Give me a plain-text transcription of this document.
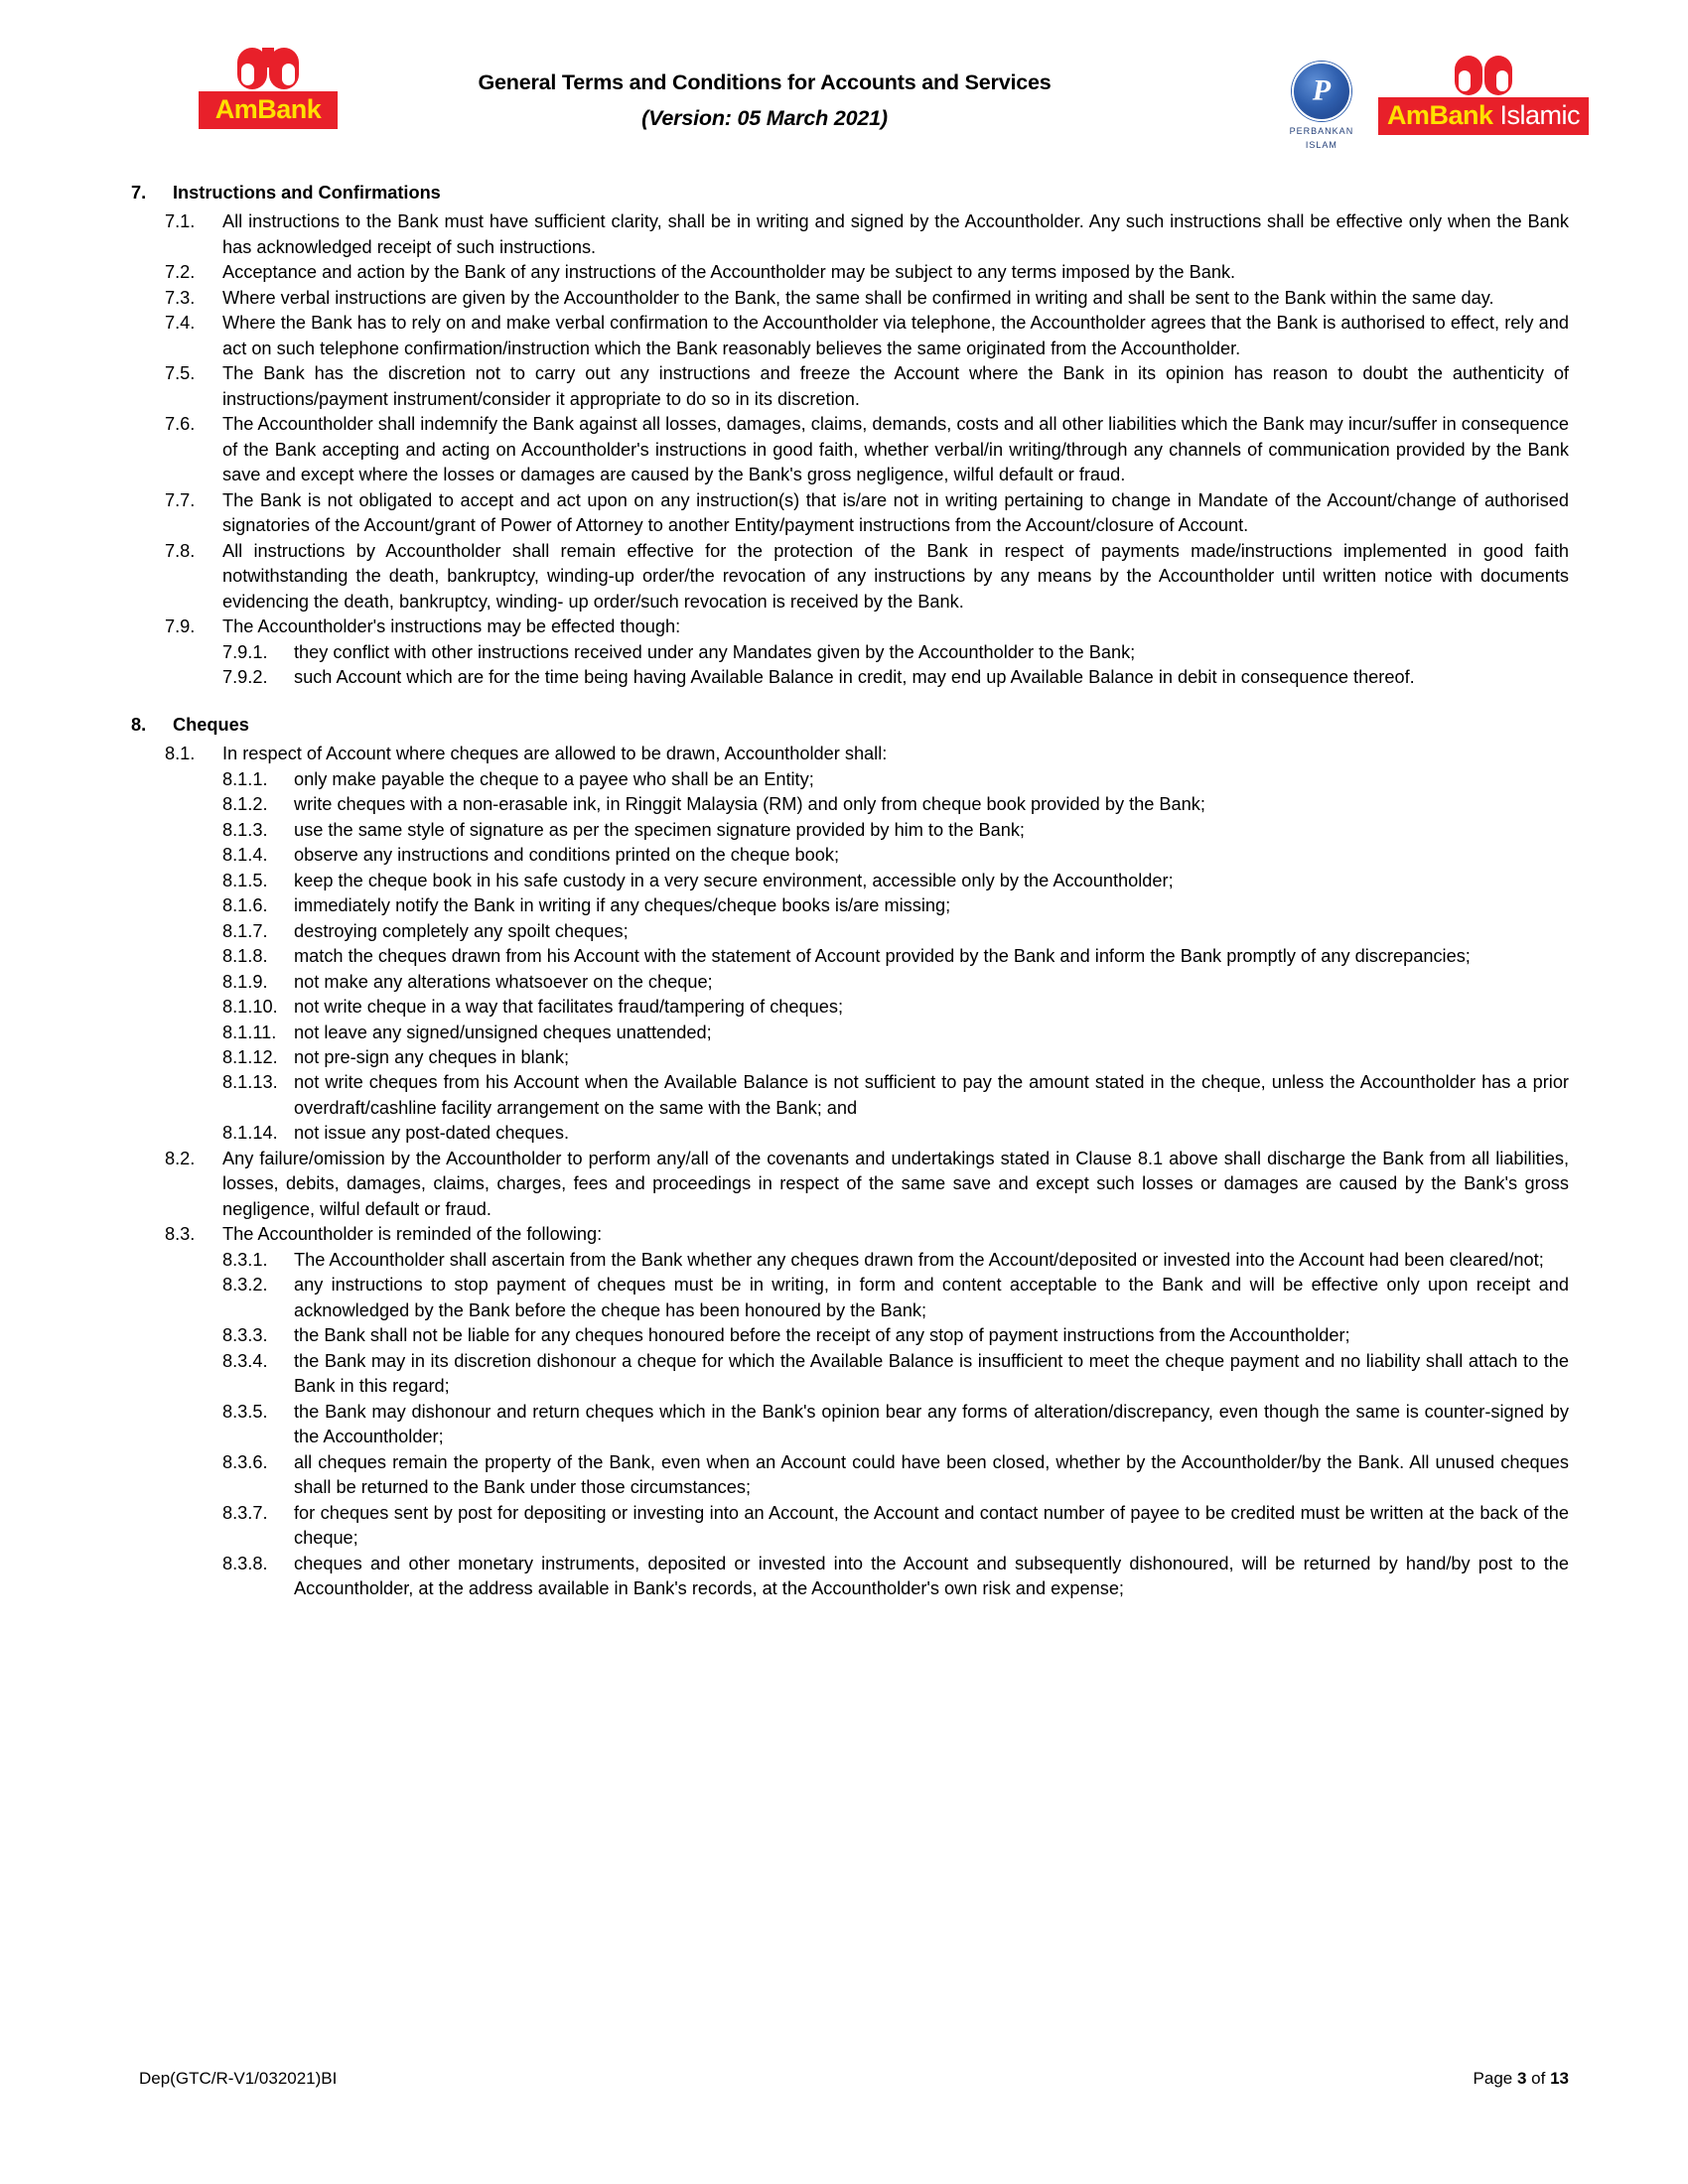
AmBank
General Terms and Conditions for Accounts and Services
(Version: 05 March 2021)
P
PERBANKAN
ISLAM
AmBank Islamic
7.	Instructions and Confirmations
7.1.	All instructions to the Bank must have sufficient clarity, shall be in writing and signed by the Accountholder. Any such instructions shall be effective only when the Bank has acknowledged receipt of such instructions.
7.2.	Acceptance and action by the Bank of any instructions of the Accountholder may be subject to any terms imposed by the Bank.
7.3.	Where verbal instructions are given by the Accountholder to the Bank, the same shall be confirmed in writing and shall be sent to the Bank within the same day.
7.4.	Where the Bank has to rely on and make verbal confirmation to the Accountholder via telephone, the Accountholder agrees that the Bank is authorised to effect, rely and act on such telephone confirmation/instruction which the Bank reasonably believes the same originated from the Accountholder.
7.5.	The Bank has the discretion not to carry out any instructions and freeze the Account where the Bank in its opinion has reason to doubt the authenticity of instructions/payment instrument/consider it appropriate to do so in its discretion.
7.6.	The Accountholder shall indemnify the Bank against all losses, damages, claims, demands, costs and all other liabilities which the Bank may incur/suffer in consequence of the Bank accepting and acting on Accountholder's instructions in good faith, whether verbal/in writing/through any channels of communication provided by the Bank save and except where the losses or damages are caused by the Bank's gross negligence, wilful default or fraud.
7.7.	The Bank is not obligated to accept and act upon on any instruction(s) that is/are not in writing pertaining to change in Mandate of the Account/change of authorised signatories of the Account/grant of Power of Attorney to another Entity/payment instructions from the Account/closure of Account.
7.8.	All instructions by Accountholder shall remain effective for the protection of the Bank in respect of payments made/instructions implemented in good faith notwithstanding the death, bankruptcy, winding-up order/the revocation of any instructions by any means by the Accountholder until written notice with documents evidencing the death, bankruptcy, winding- up order/such revocation is received by the Bank.
7.9.	The Accountholder's instructions may be effected though:
7.9.1.	they conflict with other instructions received under any Mandates given by the Accountholder to the Bank;
7.9.2.	such Account which are for the time being having Available Balance in credit, may end up Available Balance in debit in consequence thereof.
8.	Cheques
8.1.	In respect of Account where cheques are allowed to be drawn, Accountholder shall:
8.1.1.	only make payable the cheque to a payee who shall be an Entity;
8.1.2.	write cheques with a non-erasable ink, in Ringgit Malaysia (RM) and only from cheque book provided by the Bank;
8.1.3.	use the same style of signature as per the specimen signature provided by him to the Bank;
8.1.4.	observe any instructions and conditions printed on the cheque book;
8.1.5.	keep the cheque book in his safe custody in a very secure environment, accessible only by the Accountholder;
8.1.6.	immediately notify the Bank in writing if any cheques/cheque books is/are missing;
8.1.7.	destroying completely any spoilt cheques;
8.1.8.	match the cheques drawn from his Account with the statement of Account provided by the Bank and inform the Bank promptly of any discrepancies;
8.1.9.	not make any alterations whatsoever on the cheque;
8.1.10. not write cheque in a way that facilitates fraud/tampering of cheques;
8.1.11. not leave any signed/unsigned cheques unattended;
8.1.12. not pre-sign any cheques in blank;
8.1.13. not write cheques from his Account when the Available Balance is not sufficient to pay the amount stated in the cheque, unless the Accountholder has a prior overdraft/cashline facility arrangement on the same with the Bank; and
8.1.14. not issue any post-dated cheques.
8.2.	Any failure/omission by the Accountholder to perform any/all of the covenants and undertakings stated in Clause 8.1 above shall discharge the Bank from all liabilities, losses, debits, damages, claims, charges, fees and proceedings in respect of the same save and except such losses or damages are caused by the Bank's gross negligence, wilful default or fraud.
8.3.	The Accountholder is reminded of the following:
8.3.1.	The Accountholder shall ascertain from the Bank whether any cheques drawn from the Account/deposited or invested into the Account had been cleared/not;
8.3.2.	any instructions to stop payment of cheques must be in writing, in form and content acceptable to the Bank and will be effective only upon receipt and acknowledged by the Bank before the cheque has been honoured by the Bank;
8.3.3.	the Bank shall not be liable for any cheques honoured before the receipt of any stop of payment instructions from the Accountholder;
8.3.4.	the Bank may in its discretion dishonour a cheque for which the Available Balance is insufficient to meet the cheque payment and no liability shall attach to the Bank in this regard;
8.3.5.	the Bank may dishonour and return cheques which in the Bank's opinion bear any forms of alteration/discrepancy, even though the same is counter-signed by the Accountholder;
8.3.6.	all cheques remain the property of the Bank, even when an Account could have been closed, whether by the Accountholder/by the Bank. All unused cheques shall be returned to the Bank under those circumstances;
8.3.7.	for cheques sent by post for depositing or investing into an Account, the Account and contact number of payee to be credited must be written at the back of the cheque;
8.3.8.	cheques and other monetary instruments, deposited or invested into the Account and subsequently dishonoured, will be returned by hand/by post to the Accountholder, at the address available in Bank's records, at the Accountholder's own risk and expense;
Dep(GTC/R-V1/032021)BI	Page 3 of 13
